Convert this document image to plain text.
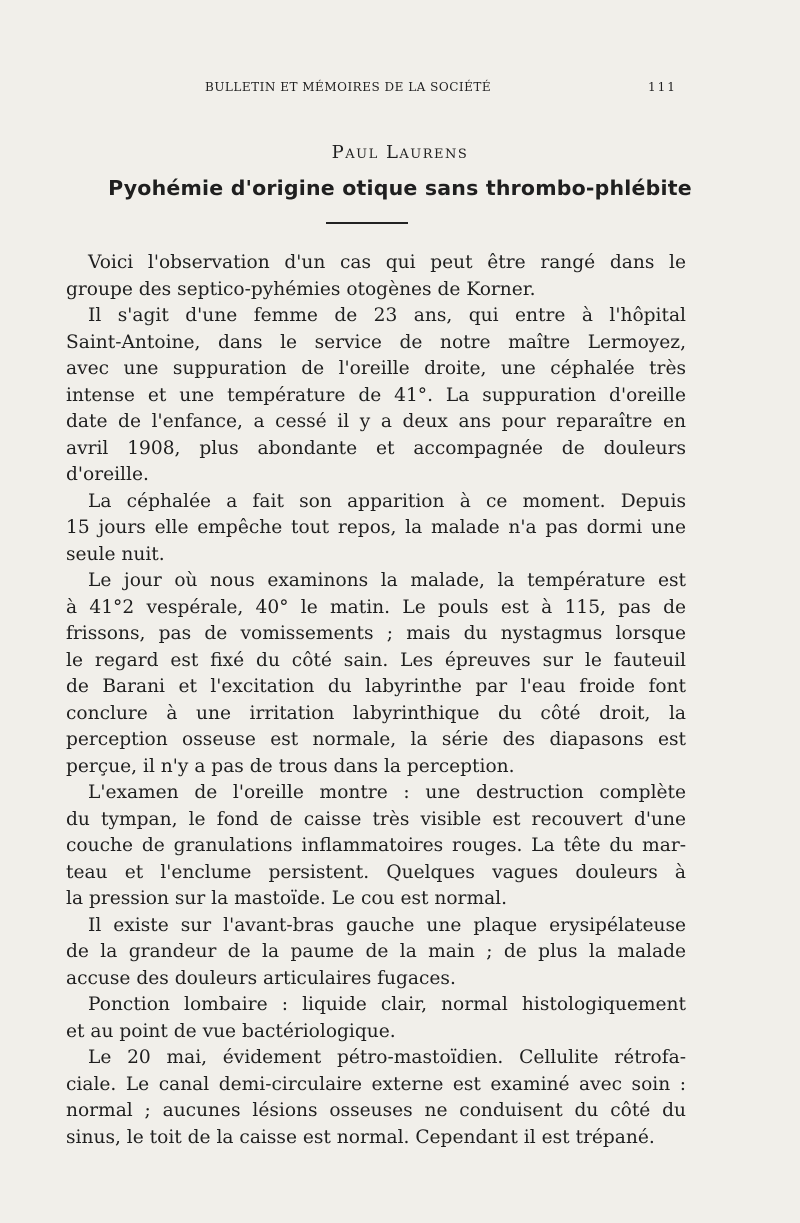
BULLETIN ET MÉMOIRES DE LA SOCIÉTÉ	111
Paul Laurens
Pyohémie d'origine otique sans thrombo-phlébite
Voici l'observation d'un cas qui peut être rangé dans le
groupe des septico-pyhémies otogènes de Korner.
Il s'agit d'une femme de 23 ans, qui entre à l'hôpital
Saint-Antoine, dans le service de notre maître Lermoyez,
avec une suppuration de l'oreille droite, une céphalée très
intense et une température de 41°. La suppuration d'oreille
date de l'enfance, a cessé il y a deux ans pour reparaître en
avril 1908, plus abondante et accompagnée de douleurs
d'oreille.
La céphalée a fait son apparition à ce moment. Depuis
15 jours elle empêche tout repos, la malade n'a pas dormi une
seule nuit.
Le jour où nous examinons la malade, la température est
à 41°2 vespérale, 40° le matin. Le pouls est à 115, pas de
frissons, pas de vomissements ; mais du nystagmus lorsque
le regard est fixé du côté sain. Les épreuves sur le fauteuil
de Barani et l'excitation du labyrinthe par l'eau froide font
conclure à une irritation labyrinthique du côté droit, la
perception osseuse est normale, la série des diapasons est
perçue, il n'y a pas de trous dans la perception.
L'examen de l'oreille montre : une destruction complète
du tympan, le fond de caisse très visible est recouvert d'une
couche de granulations inflammatoires rouges. La tête du mar-
teau et l'enclume persistent. Quelques vagues douleurs à
la pression sur la mastoïde. Le cou est normal.
Il existe sur l'avant-bras gauche une plaque erysipélateuse
de la grandeur de la paume de la main ; de plus la malade
accuse des douleurs articulaires fugaces.
Ponction lombaire : liquide clair, normal histologiquement
et au point de vue bactériologique.
Le 20 mai, évidement pétro-mastoïdien. Cellulite rétrofa-
ciale. Le canal demi-circulaire externe est examiné avec soin :
normal ; aucunes lésions osseuses ne conduisent du côté du
sinus, le toit de la caisse est normal. Cependant il est trépané.
